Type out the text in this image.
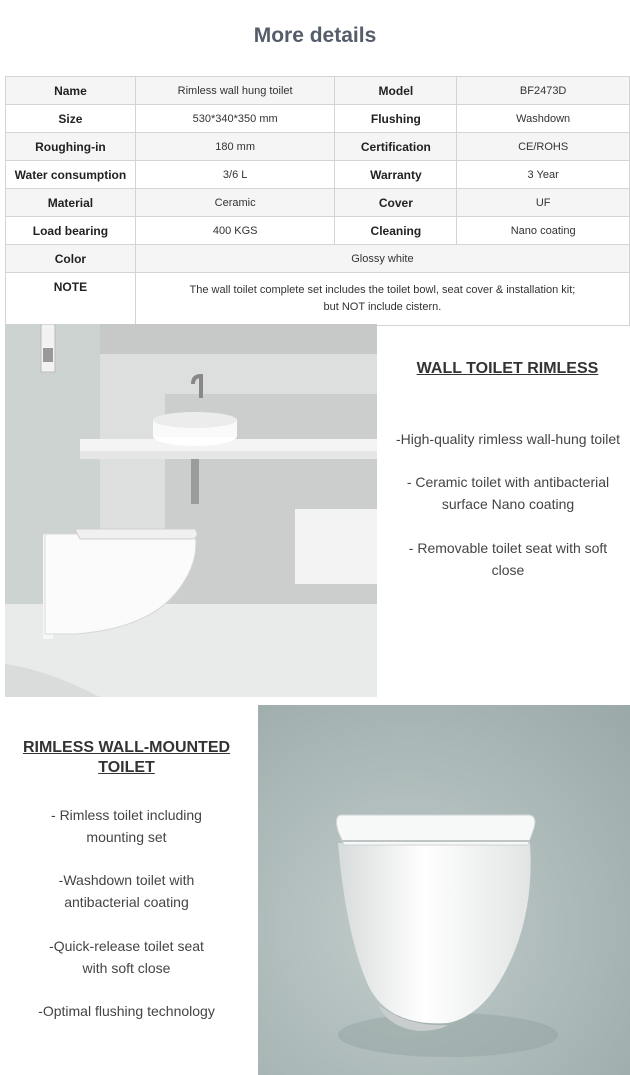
More details
Name	Rimless wall hung toilet	Model	BF2473D
Size	530*340*350 mm	Flushing	Washdown
Roughing-in	180 mm	Certification	CE/ROHS
Water consumption	3/6 L	Warranty	3 Year
Material	Ceramic	Cover	UF
Load bearing	400 KGS	Cleaning	Nano coating
Color	Glossy white		
NOTE	The wall toilet complete set includes the toilet bowl, seat cover & installation kit;
but NOT include cistern.		
WALL TOILET RIMLESS
-High-quality rimless wall-hung toilet
- Ceramic toilet with antibacterial
surface Nano coating
- Removable toilet seat with soft
close
RIMLESS WALL-MOUNTED
TOILET
- Rimless toilet including
mounting set
-Washdown toilet with
antibacterial coating
-Quick-release toilet seat
with soft close
-Optimal flushing technology
